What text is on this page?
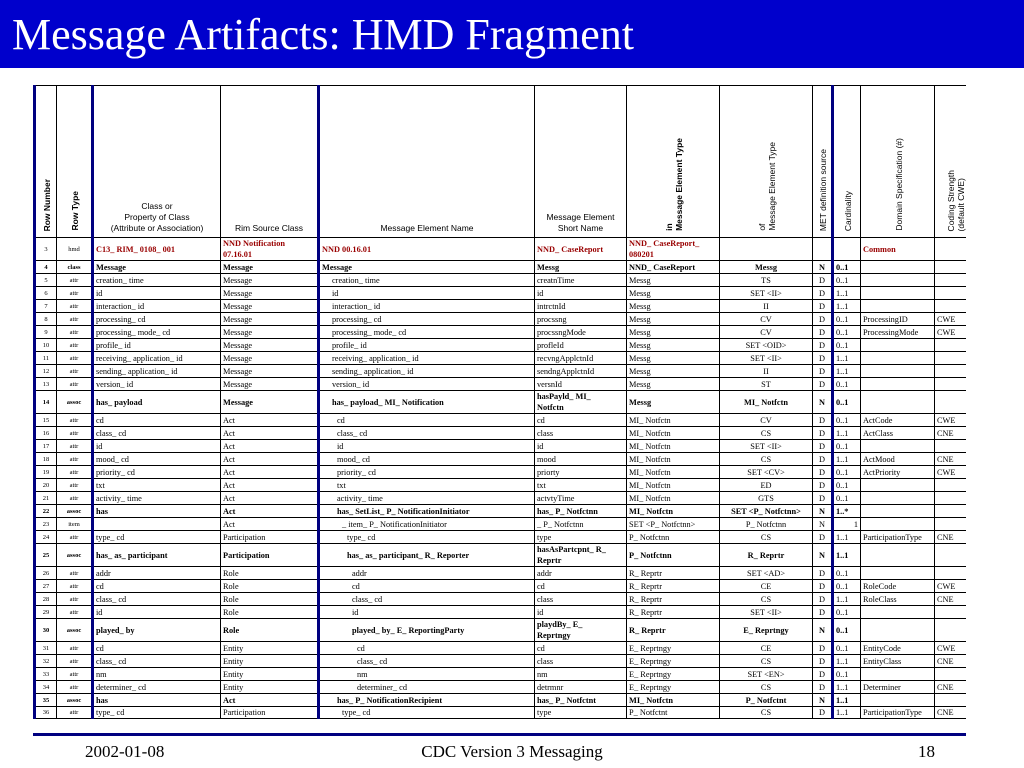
Message Artifacts: HMD Fragment
Row Number	Row Type	Class or
Property of Class
(Attribute or Association)	Rim Source Class	Message Element Name	Message Element
Short Name	in
Message Element Type	of
Message Element Type	MET definition source	Cardinality	Domain Specification (#)	Coding Strength
(default CWE)
3	hmd	C13_ RIM_ 0108_ 001	NND Notification
07.16.01	NND 00.16.01	NND_ CaseReport	NND_ CaseReport_
080201				Common	
4	class	Message	Message	Message	Messg	NND_ CaseReport	Messg	N	0..1		
5	attr	creation_ time	Message	creation_ time	creatnTime	Messg	TS	D	0..1		
6	attr	id	Message	id	id	Messg	SET <II>	D	1..1		
7	attr	interaction_ id	Message	interaction_ id	intrctnId	Messg	II	D	1..1		
8	attr	processing_ cd	Message	processing_ cd	procssng	Messg	CV	D	0..1	ProcessingID	CWE
9	attr	processing_ mode_ cd	Message	processing_ mode_ cd	procssngMode	Messg	CV	D	0..1	ProcessingMode	CWE
10	attr	profile_ id	Message	profile_ id	profleId	Messg	SET <OID>	D	0..1		
11	attr	receiving_ application_ id	Message	receiving_ application_ id	recvngApplctnId	Messg	SET <II>	D	1..1		
12	attr	sending_ application_ id	Message	sending_ application_ id	sendngApplctnId	Messg	II	D	1..1		
13	attr	version_ id	Message	version_ id	versnId	Messg	ST	D	0..1		
14	assoc	has_ payload	Message	has_ payload_ MI_ Notification	hasPayld_ MI_
Notfctn	Messg	MI_ Notfctn	N	0..1		
15	attr	cd	Act	cd	cd	MI_ Notfctn	CV	D	0..1	ActCode	CWE
16	attr	class_ cd	Act	class_ cd	class	MI_ Notfctn	CS	D	1..1	ActClass	CNE
17	attr	id	Act	id	id	MI_ Notfctn	SET <II>	D	0..1		
18	attr	mood_ cd	Act	mood_ cd	mood	MI_ Notfctn	CS	D	1..1	ActMood	CNE
19	attr	priority_ cd	Act	priority_ cd	priorty	MI_ Notfctn	SET <CV>	D	0..1	ActPriority	CWE
20	attr	txt	Act	txt	txt	MI_ Notfctn	ED	D	0..1		
21	attr	activity_ time	Act	activity_ time	actvtyTime	MI_ Notfctn	GTS	D	0..1		
22	assoc	has	Act	has_ SetList_ P_ NotificationInitiator	has_ P_ Notfctnn	MI_ Notfctn	SET <P_ Notfctnn>	N	1..*		
23	item		Act	_ item_ P_ NotificationInitiator	_ P_ Notfctnn	SET <P_ Notfctnn>	P_ Notfctnn	N	1		
24	attr	type_ cd	Participation	type_ cd	type	P_ Notfctnn	CS	D	1..1	ParticipationType	CNE
25	assoc	has_ as_ participant	Participation	has_ as_ participant_ R_ Reporter	hasAsPartcpnt_ R_
Reprtr	P_ Notfctnn	R_ Reprtr	N	1..1		
26	attr	addr	Role	addr	addr	R_ Reprtr	SET <AD>	D	0..1		
27	attr	cd	Role	cd	cd	R_ Reprtr	CE	D	0..1	RoleCode	CWE
28	attr	class_ cd	Role	class_ cd	class	R_ Reprtr	CS	D	1..1	RoleClass	CNE
29	attr	id	Role	id	id	R_ Reprtr	SET <II>	D	0..1		
30	assoc	played_ by	Role	played_ by_ E_ ReportingParty	playdBy_ E_
Reprtngy	R_ Reprtr	E_ Reprtngy	N	0..1		
31	attr	cd	Entity	cd	cd	E_ Reprtngy	CE	D	0..1	EntityCode	CWE
32	attr	class_ cd	Entity	class_ cd	class	E_ Reprtngy	CS	D	1..1	EntityClass	CNE
33	attr	nm	Entity	nm	nm	E_ Reprtngy	SET <EN>	D	0..1		
34	attr	determiner_ cd	Entity	determiner_ cd	detrmnr	E_ Reprtngy	CS	D	1..1	Determiner	CNE
35	assoc	has	Act	has_ P_ NotificationRecipient	has_ P_ Notfctnt	MI_ Notfctn	P_ Notfctnt	N	1..1		
36	attr	type_ cd	Participation	type_ cd	type	P_ Notfctnt	CS	D	1..1	ParticipationType	CNE
2002-01-08	CDC Version 3 Messaging	18
